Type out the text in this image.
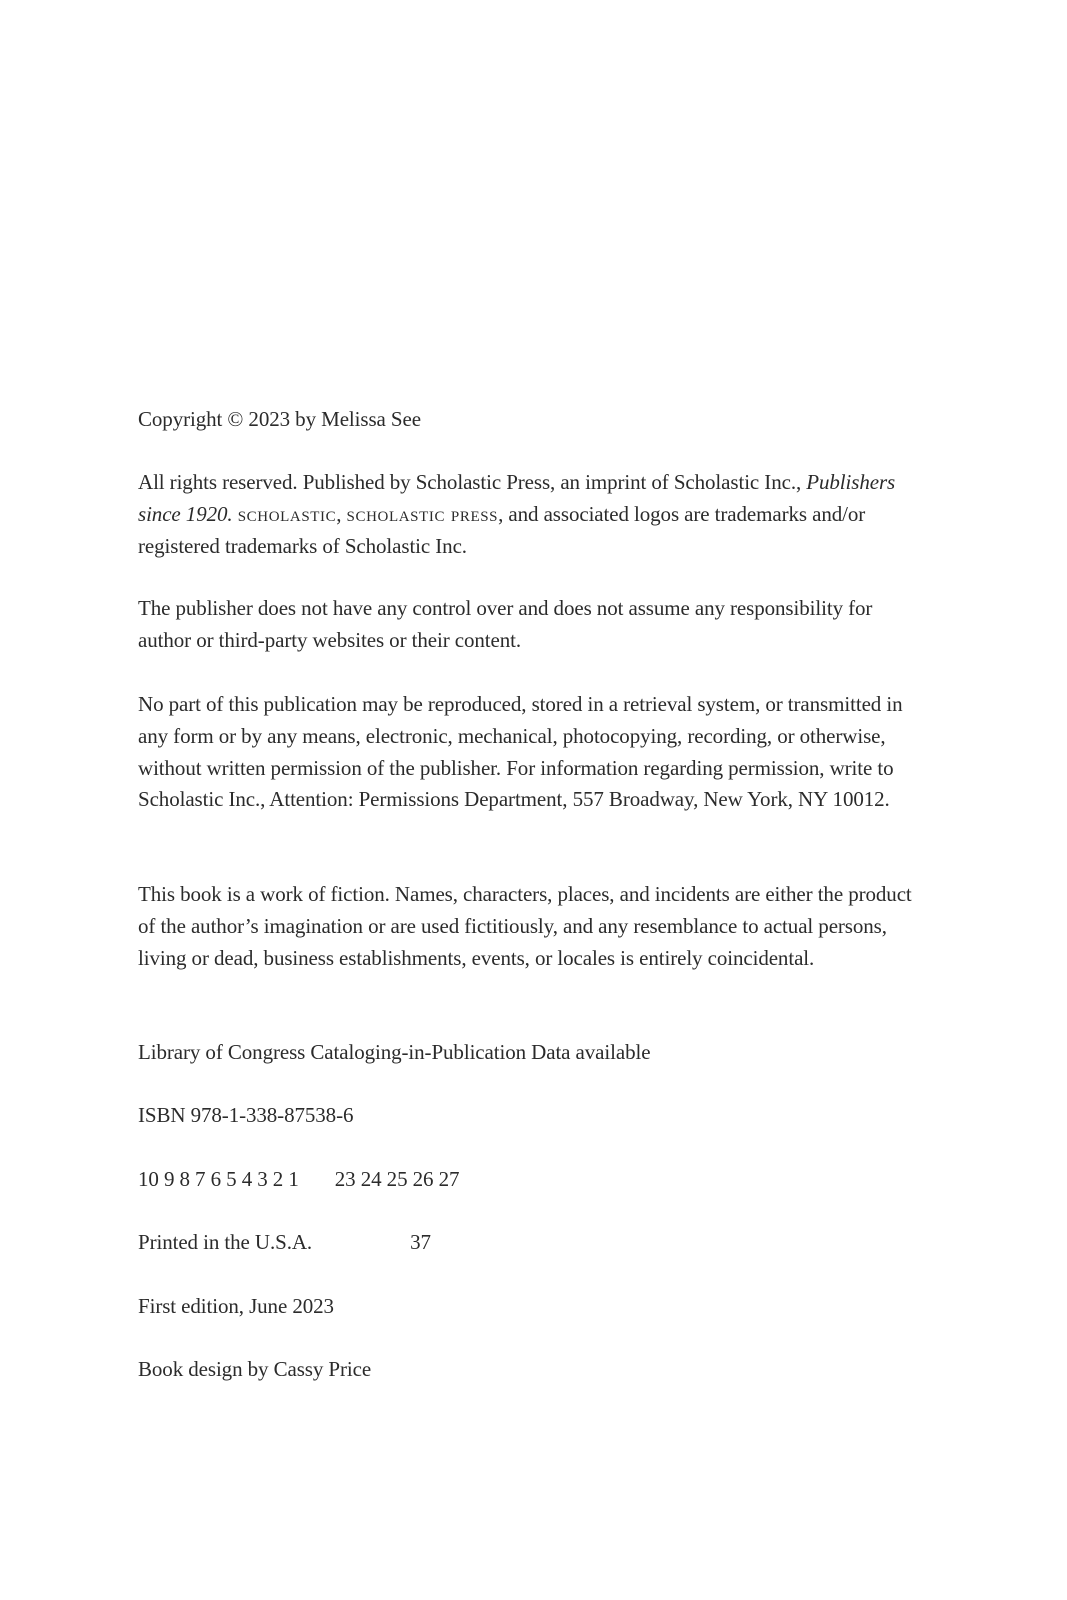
Copyright © 2023 by Melissa See

All rights reserved. Published by Scholastic Press, an imprint of Scholastic Inc., Publishers since 1920. scholastic, scholastic press, and associated logos are trademarks and/or registered trademarks of Scholastic Inc.

The publisher does not have any control over and does not assume any responsibility for author or third-party websites or their content.

No part of this publication may be reproduced, stored in a retrieval system, or transmitted in any form or by any means, electronic, mechanical, photocopying, recording, or otherwise, without written permission of the publisher. For information regarding permission, write to Scholastic Inc., Attention: Permissions Department, 557 Broadway, New York, NY 10012.

This book is a work of fiction. Names, characters, places, and incidents are either the product of the author’s imagination or are used fictitiously, and any resemblance to actual persons, living or dead, business establishments, events, or locales is entirely coincidental.

Library of Congress Cataloging-in-Publication Data available

ISBN 978-1-338-87538-6

10 9 8 7 6 5 4 3 2 1 23 24 25 26 27

Printed in the U.S.A.	37

First edition, June 2023

Book design by Cassy Price
